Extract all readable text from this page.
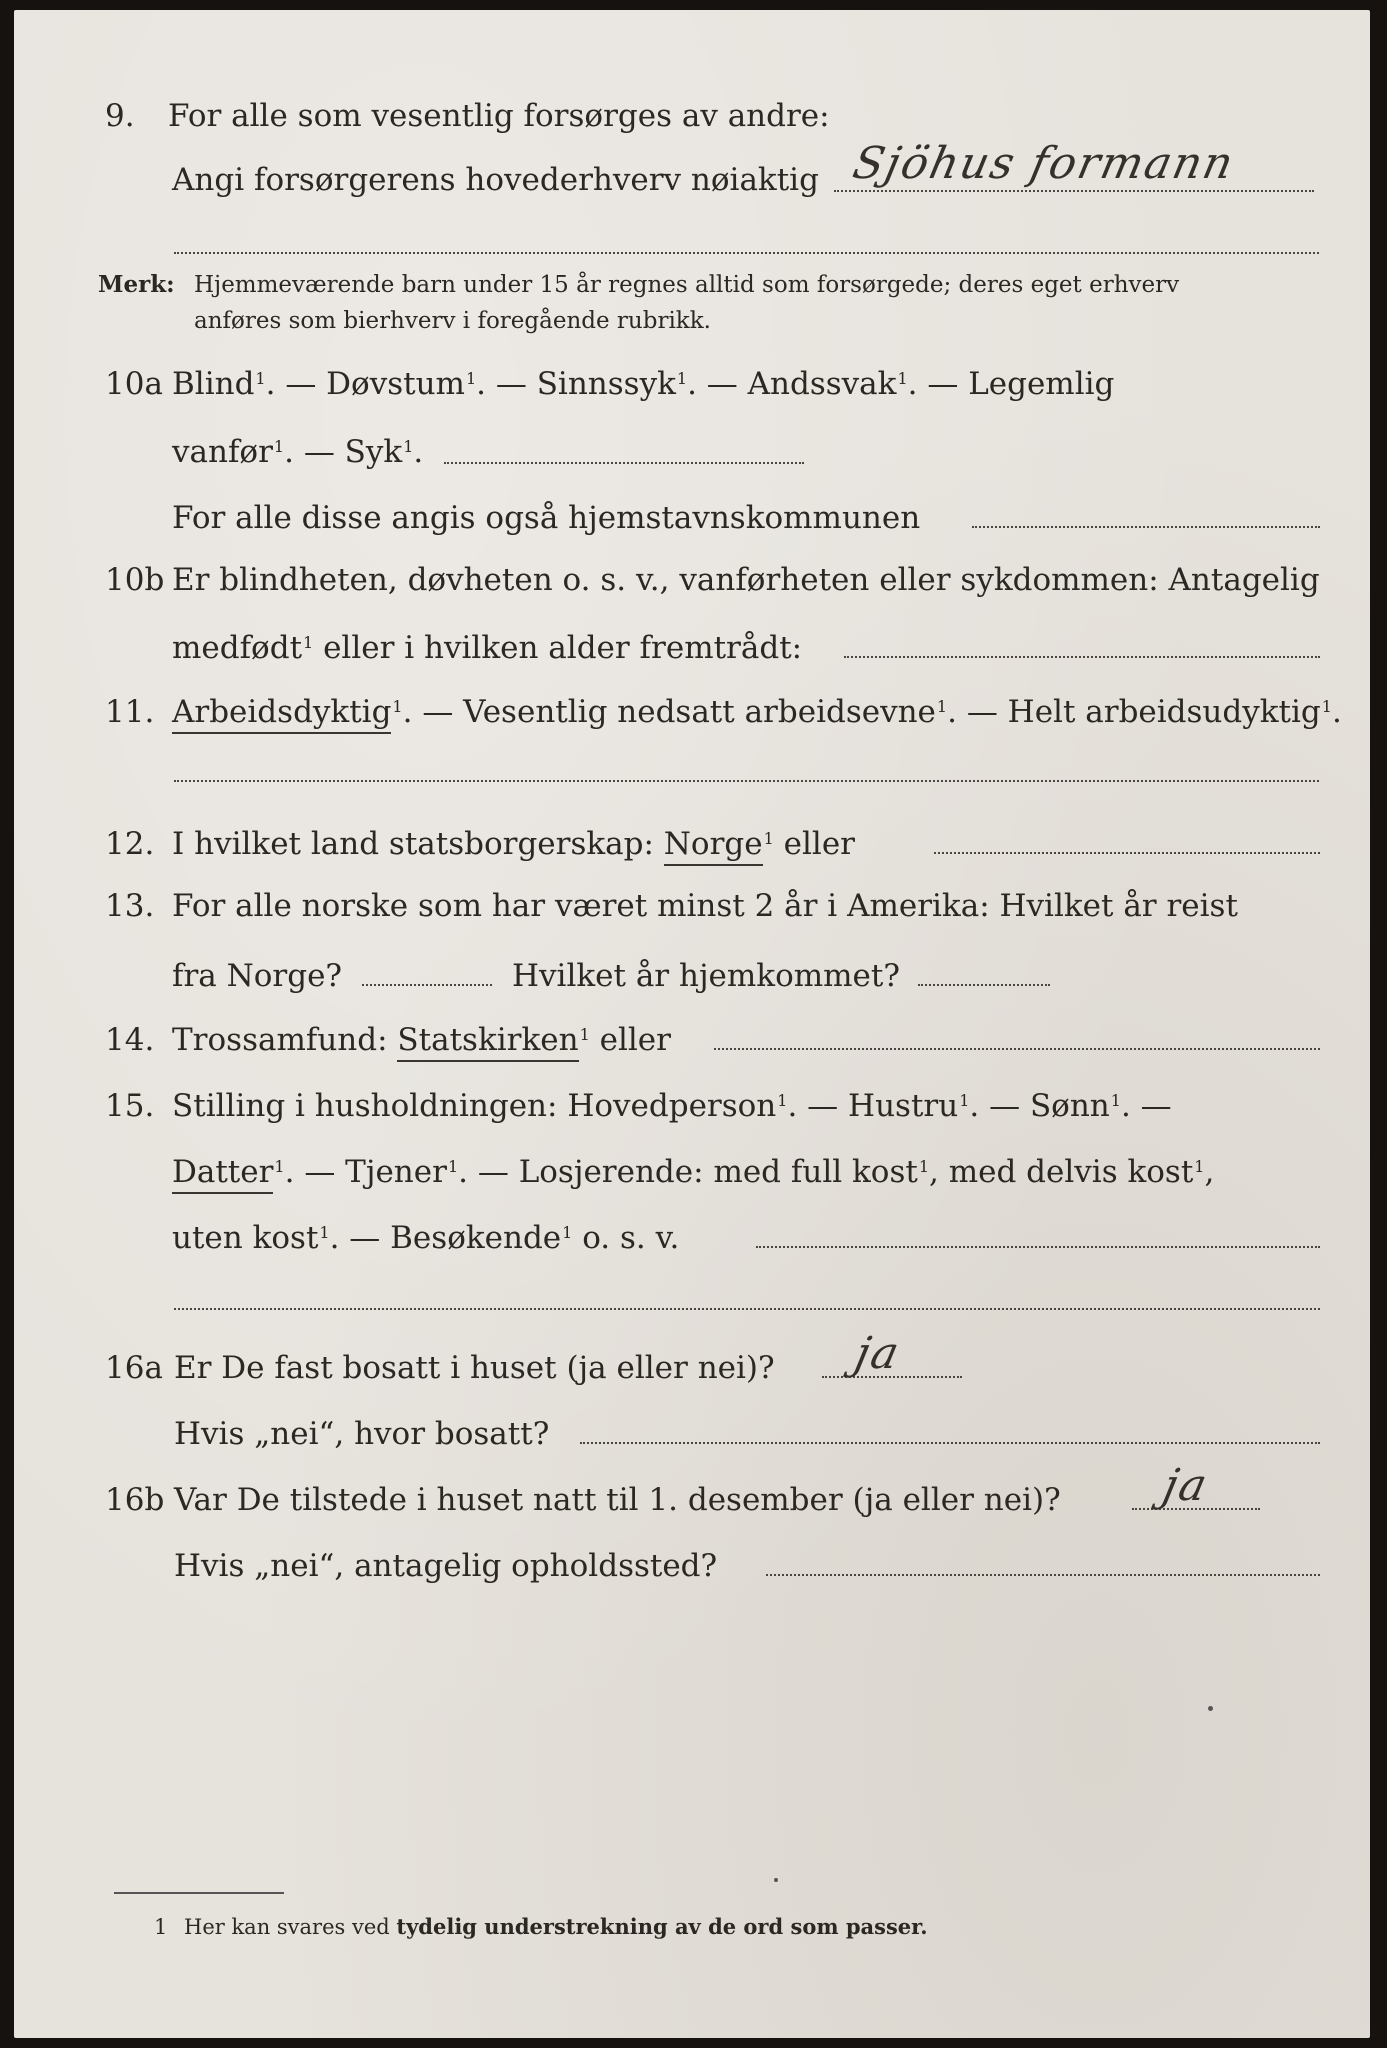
9. For alle som vesentlig forsørges av andre:
Angi forsørgerens hovederhverv nøiaktig Sjöhus formann
Merk: Hjemmeværende barn under 15 år regnes alltid som forsørgede; deres eget erhverv
anføres som bierhverv i foregående rubrikk.
10a Blind$^1$. — Døvstum$^1$. — Sinnssyk$^1$. — Andssvak$^1$. — Legemlig
vanfør$^1$. — Syk$^1$.
For alle disse angis også hjemstavnskommunen
10b Er blindheten, døvheten o. s. v., vanførheten eller sykdommen: Antagelig
medfødt$^1$ eller i hvilken alder fremtrådt:
11. Arbeidsdyktig$^1$. — Vesentlig nedsatt arbeidsevne$^1$. — Helt arbeidsudyktig$^1$.
12. I hvilket land statsborgerskap: Norge$^1$ eller
13. For alle norske som har været minst 2 år i Amerika: Hvilket år reist
fra Norge?	Hvilket år hjemkommet?
14. Trossamfund: Statskirken$^1$ eller
15. Stilling i husholdningen: Hovedperson$^1$. — Hustru$^1$. — Sønn$^1$. —
Datter$^1$. — Tjener$^1$. — Losjerende: med full kost$^1$, med delvis kost$^1$,
uten kost$^1$. — Besøkende$^1$ o. s. v.
16a Er De fast bosatt i huset (ja eller nei)? ja
Hvis „nei“, hvor bosatt?
16b Var De tilstede i huset natt til 1. desember (ja eller nei)? ja
Hvis „nei“, antagelig opholdssted?
1 Her kan svares ved tydelig understrekning av de ord som passer.
